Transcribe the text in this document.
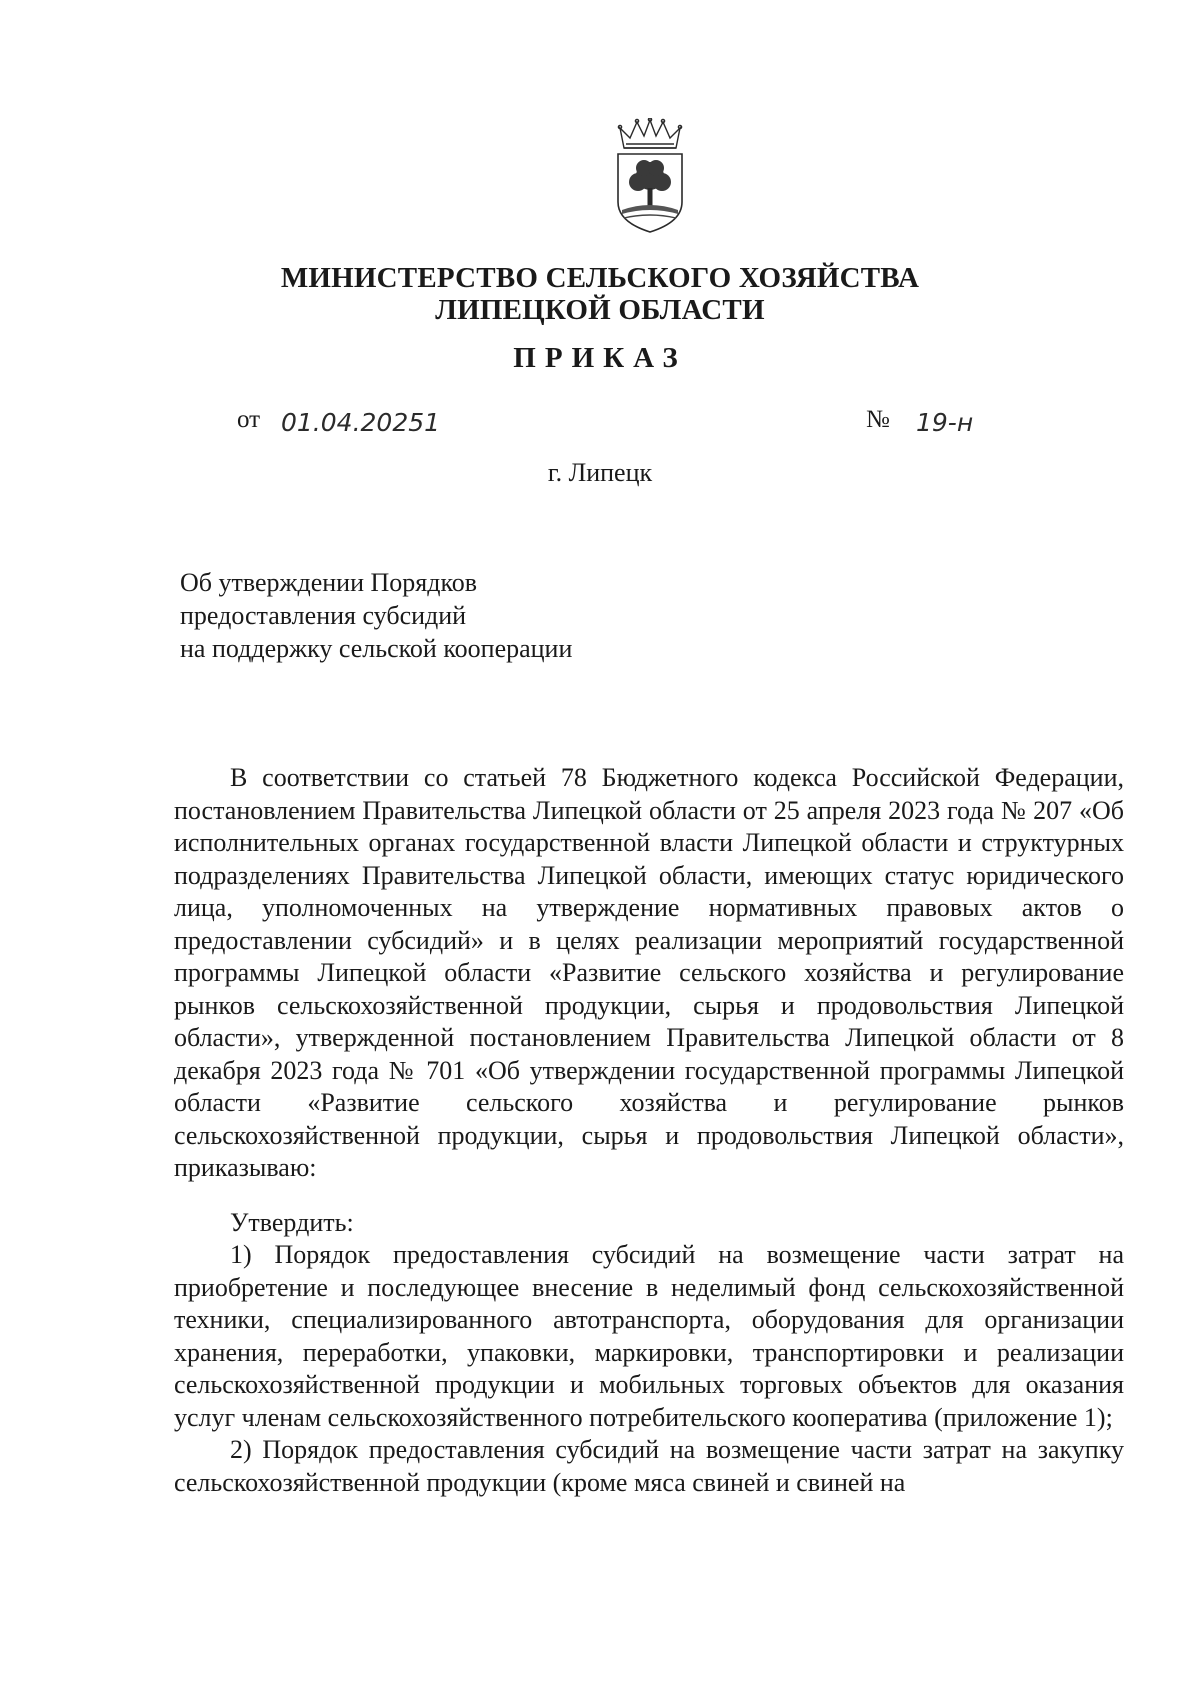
МИНИСТЕРСТВО СЕЛЬСКОГО ХОЗЯЙСТВА
ЛИПЕЦКОЙ ОБЛАСТИ
ПРИКАЗ
от 01.04.20251	№ 19-н
г. Липецк
Об утверждении Порядков
предоставления субсидий
на поддержку сельской кооперации

В соответствии со статьей 78 Бюджетного кодекса Российской Федерации, постановлением Правительства Липецкой области от 25 апреля 2023 года № 207 «Об исполнительных органах государственной власти Липецкой области и структурных подразделениях Правительства Липецкой области, имеющих статус юридического лица, уполномоченных на утверждение нормативных правовых актов о предоставлении субсидий» и в целях реализации мероприятий государственной программы Липецкой области «Развитие сельского хозяйства и регулирование рынков сельскохозяйственной продукции, сырья и продовольствия Липецкой области», утвержденной постановлением Правительства Липецкой области от 8 декабря 2023 года № 701 «Об утверждении государственной программы Липецкой области «Развитие сельского хозяйства и регулирование рынков сельскохозяйственной продукции, сырья и продовольствия Липецкой области», приказываю:

Утвердить:

1) Порядок предоставления субсидий на возмещение части затрат на приобретение и последующее внесение в неделимый фонд сельскохозяйственной техники, специализированного автотранспорта, оборудования для организации хранения, переработки, упаковки, маркировки, транспортировки и реализации сельскохозяйственной продукции и мобильных торговых объектов для оказания услуг членам сельскохозяйственного потребительского кооператива (приложение 1);

2) Порядок предоставления субсидий на возмещение части затрат на закупку сельскохозяйственной продукции (кроме мяса свиней и свиней на
